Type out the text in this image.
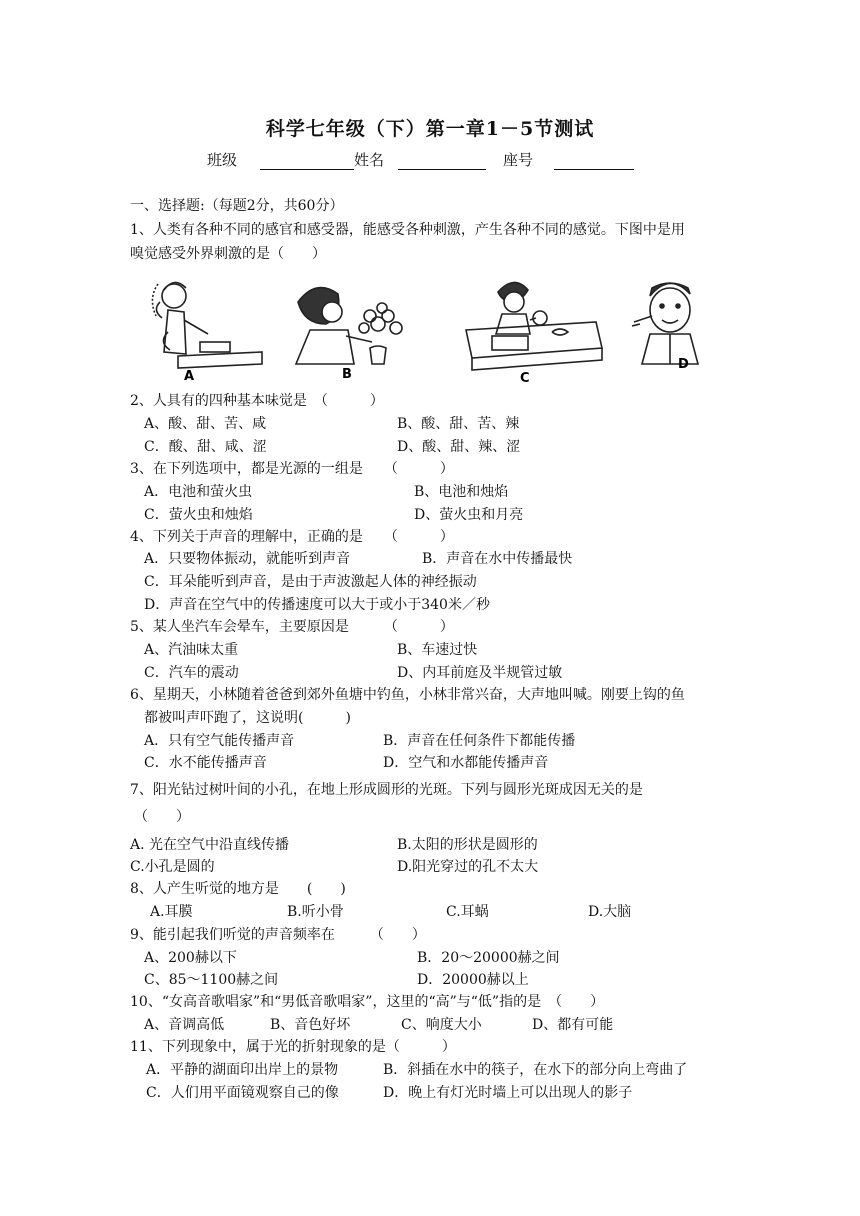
科学七年级（下）第一章1－5节测试
班级	姓名	座号
一、选择题:（每题2分，共60分）
1、人类有各种不同的感官和感受器，能感受各种刺激，产生各种不同的感觉。下图中是用
嗅觉感受外界刺激的是（　　）
A	B	C
D
2、人具有的四种基本味觉是　（　　　）
A、酸、甜、苦、咸	B、酸、甜、苦、辣
C．酸、甜、咸、涩	D、酸、甜、辣、涩
3、在下列选项中，都是光源的一组是　　（　　　）
A．电池和萤火虫	B、电池和烛焰
C．萤火虫和烛焰	D、萤火虫和月亮
4、下列关于声音的理解中，正确的是　　（　　　）
A．只要物体振动，就能听到声音	B．声音在水中传播最快
C．耳朵能听到声音，是由于声波激起人体的神经振动
D．声音在空气中的传播速度可以大于或小于340米／秒
5、某人坐汽车会晕车，主要原因是　　　（　　　）
A、汽油味太重	B、车速过快
C．汽车的震动	D、内耳前庭及半规管过敏
6、星期天，小林随着爸爸到郊外鱼塘中钓鱼，小林非常兴奋，大声地叫喊。刚要上钩的鱼
都被叫声吓跑了，这说明(　　　)
A．只有空气能传播声音	B．声音在任何条件下都能传播
C．水不能传播声音	D．空气和水都能传播声音
7、阳光钻过树叶间的小孔，在地上形成圆形的光斑。下列与圆形光斑成因无关的是
（　　）
A. 光在空气中沿直线传播	B.太阳的形状是圆形的
C.小孔是圆的	D.阳光穿过的孔不太大
8、人产生听觉的地方是　　(　　)
A.耳膜	B.听小骨	C.耳蜗	D.大脑
9、能引起我们听觉的声音频率在　　　（　　）
A、200赫以下	B．20～20000赫之间
C、85～1100赫之间	D．20000赫以上
10、“女高音歌唱家”和“男低音歌唱家”，这里的“高”与“低”指的是　（　　）
A、音调高低	B、音色好坏	C、响度大小	D、都有可能
11、下列现象中，属于光的折射现象的是（　　　）
A．平静的湖面印出岸上的景物	B．斜插在水中的筷子，在水下的部分向上弯曲了
C．人们用平面镜观察自己的像	D．晚上有灯光时墙上可以出现人的影子
